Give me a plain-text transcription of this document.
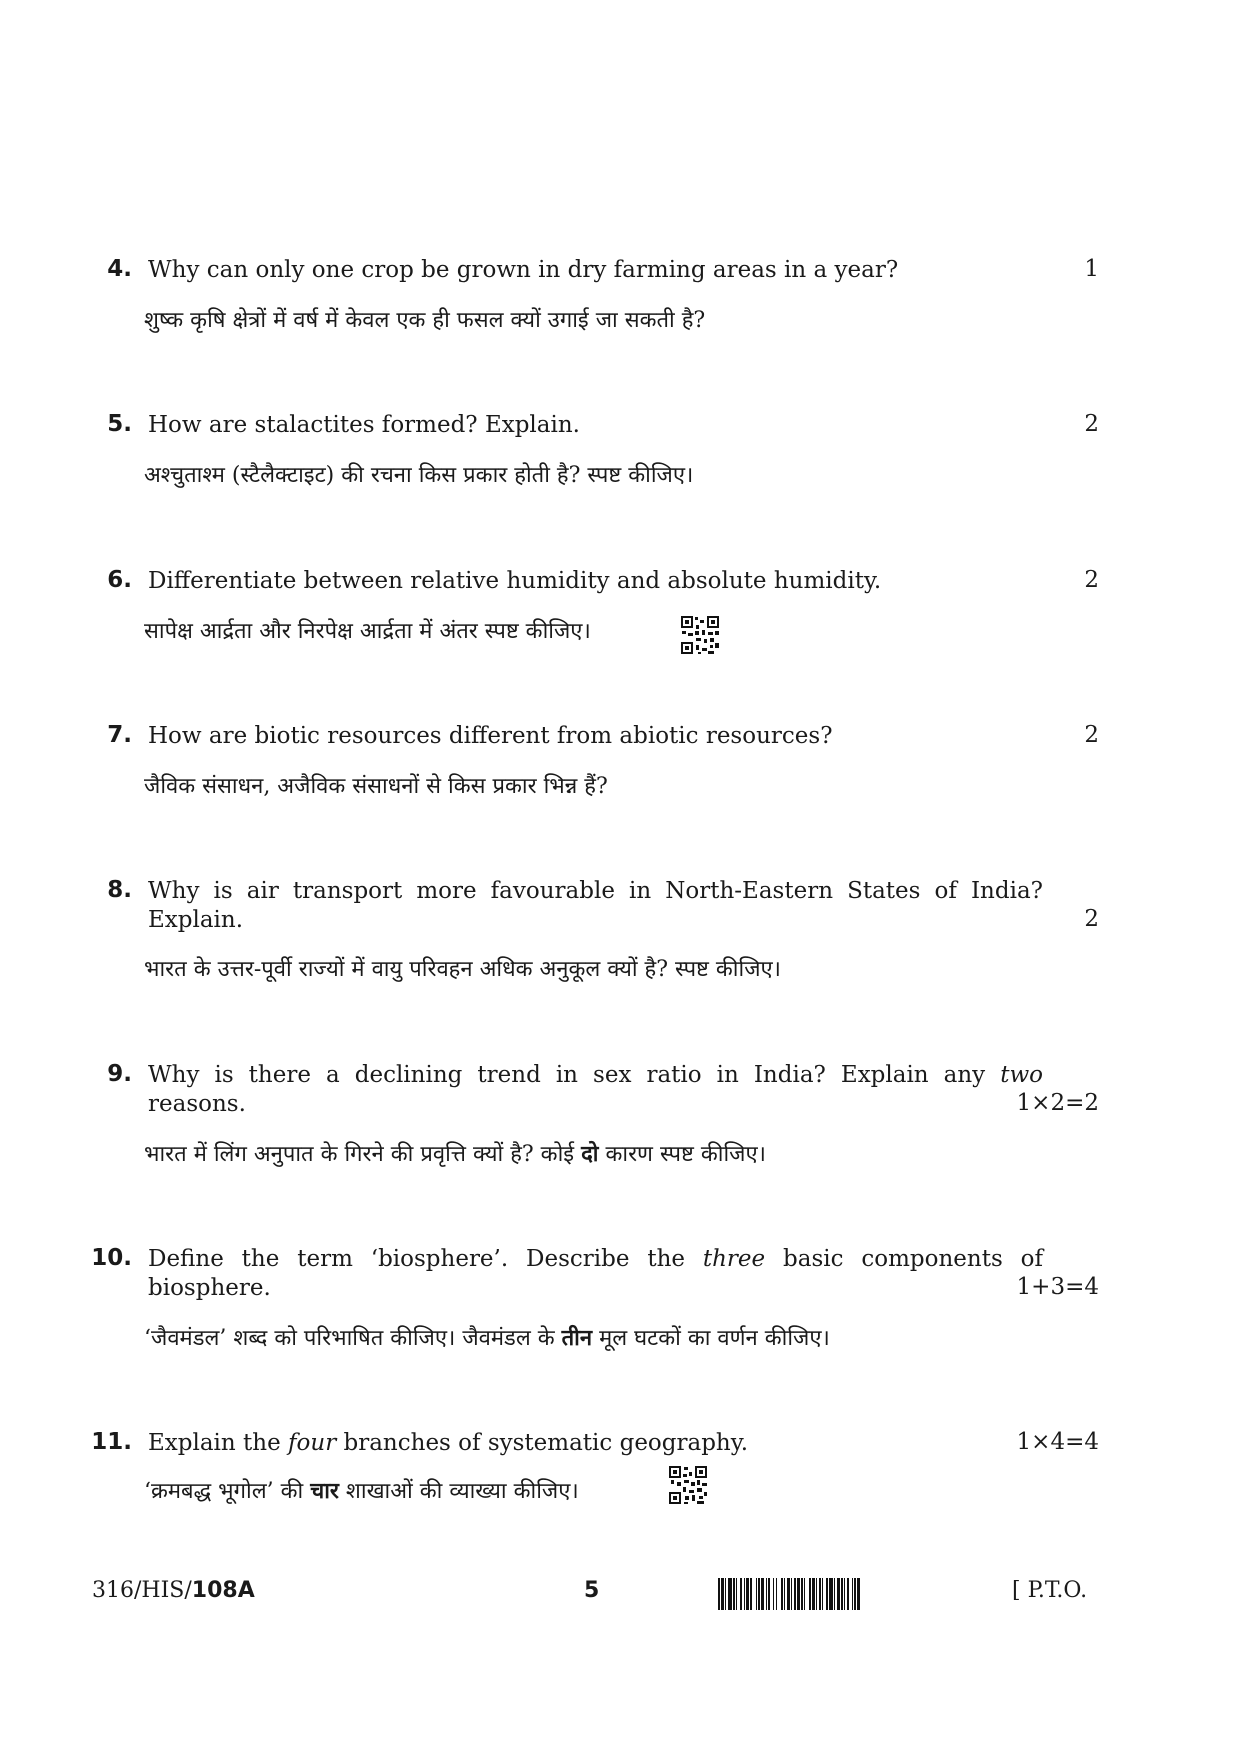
4. Why can only one crop be grown in dry farming areas in a year?	1
शुष्क कृषि क्षेत्रों में वर्ष में केवल एक ही फसल क्यों उगाई जा सकती है?
5. How are stalactites formed? Explain.	2
अश्चुताश्म (स्टैलैक्टाइट) की रचना किस प्रकार होती है? स्पष्ट कीजिए।
6. Differentiate between relative humidity and absolute humidity.	2
सापेक्ष आर्द्रता और निरपेक्ष आर्द्रता में अंतर स्पष्ट कीजिए।
7. How are biotic resources different from abiotic resources?	2
जैविक संसाधन, अजैविक संसाधनों से किस प्रकार भिन्न हैं?
8. Why is air transport more favourable in North-Eastern States of India?
Explain.	2
भारत के उत्तर-पूर्वी राज्यों में वायु परिवहन अधिक अनुकूल क्यों है? स्पष्ट कीजिए।
9. Why is there a declining trend in sex ratio in India? Explain any two
reasons.	1×2=2
भारत में लिंग अनुपात के गिरने की प्रवृत्ति क्यों है? कोई दो कारण स्पष्ट कीजिए।
10. Define the term ‘biosphere’. Describe the three basic components of
biosphere.	1+3=4
‘जैवमंडल’ शब्द को परिभाषित कीजिए। जैवमंडल के तीन मूल घटकों का वर्णन कीजिए।
11. Explain the four branches of systematic geography.	1×4=4
‘क्रमबद्ध भूगोल’ की चार शाखाओं की व्याख्या कीजिए।
316/HIS/108A	5	[ P.T.O.
